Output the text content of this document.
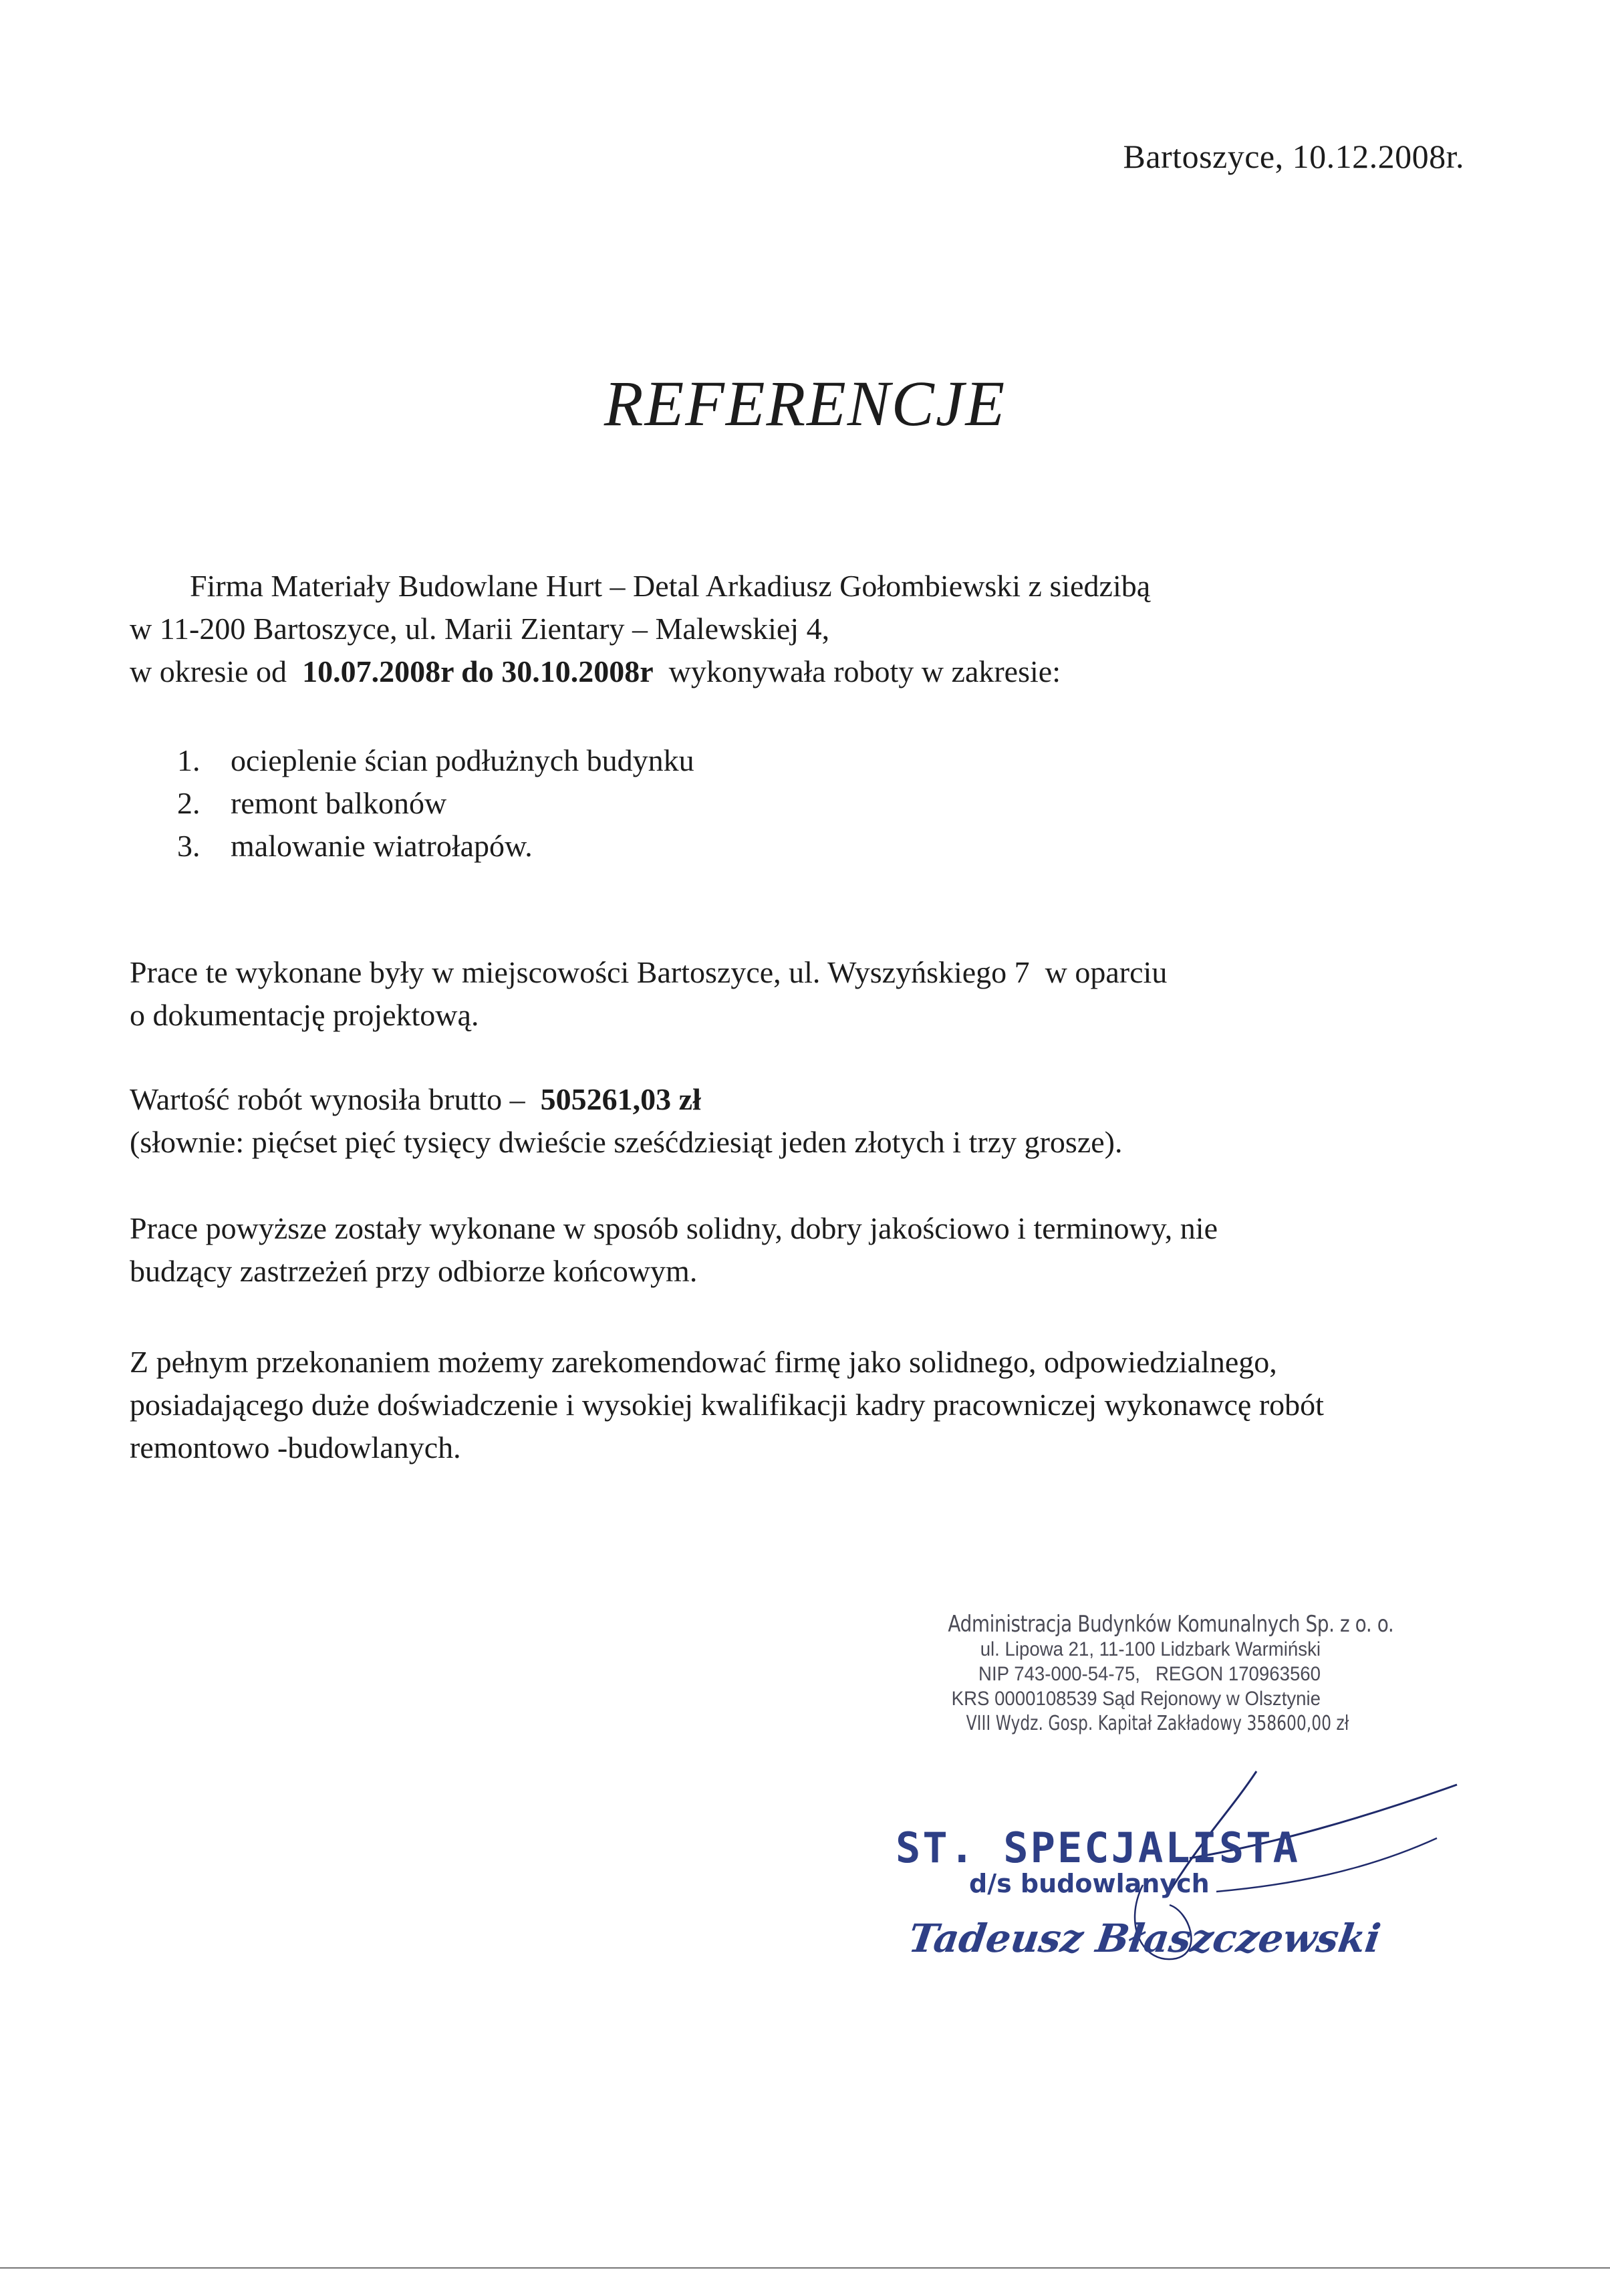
Bartoszyce, 10.12.2008r.
REFERENCJE
Firma Materiały Budowlane Hurt – Detal Arkadiusz Gołombiewski z siedzibą
w 11-200 Bartoszyce, ul. Marii Zientary – Malewskiej 4,
w okresie od 10.07.2008r do 30.10.2008r wykonywała roboty w zakresie:
1. ocieplenie ścian podłużnych budynku
2. remont balkonów
3. malowanie wiatrołapów.
Prace te wykonane były w miejscowości Bartoszyce, ul. Wyszyńskiego 7  w oparciu
o dokumentację projektową.
Wartość robót wynosiła brutto – 505261,03 zł
(słownie: pięćset pięć tysięcy dwieście sześćdziesiąt jeden złotych i trzy grosze).
Prace powyższe zostały wykonane w sposób solidny, dobry jakościowo i terminowy, nie
budzący zastrzeżeń przy odbiorze końcowym.
Z pełnym przekonaniem możemy zarekomendować firmę jako solidnego, odpowiedzialnego,
posiadającego duże doświadczenie i wysokiej kwalifikacji kadry pracowniczej wykonawcę robót
remontowo -budowlanych.
Administracja Budynków Komunalnych Sp. z o. o.
ul. Lipowa 21, 11-100 Lidzbark Warmiński
NIP 743-000-54-75,   REGON 170963560
KRS 0000108539 Sąd Rejonowy w Olsztynie
VIII Wydz. Gosp. Kapitał Zakładowy 358600,00 zł
ST. SPECJALISTA
d/s budowlanych
Tadeusz Błaszczewski
